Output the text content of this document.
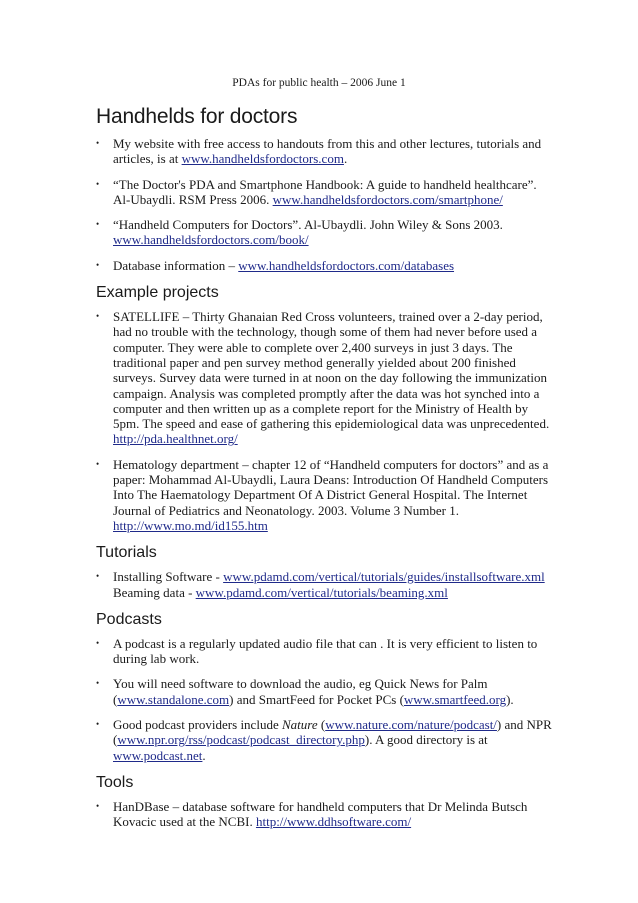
PDAs for public health – 2006 June 1
Handhelds for doctors
• My website with free access to handouts from this and other lectures, tutorials and articles, is at www.handheldsfordoctors.com.
• “The Doctor's PDA and Smartphone Handbook: A guide to handheld healthcare”. Al-Ubaydli. RSM Press 2006. www.handheldsfordoctors.com/smartphone/
• “Handheld Computers for Doctors”. Al-Ubaydli. John Wiley & Sons 2003. www.handheldsfordoctors.com/book/
• Database information – www.handheldsfordoctors.com/databases
Example projects
• SATELLIFE – Thirty Ghanaian Red Cross volunteers, trained over a 2-day period, had no trouble with the technology, though some of them had never before used a computer. They were able to complete over 2,400 surveys in just 3 days. The traditional paper and pen survey method generally yielded about 200 finished surveys. Survey data were turned in at noon on the day following the immunization campaign. Analysis was completed promptly after the data was hot synched into a computer and then written up as a complete report for the Ministry of Health by 5pm. The speed and ease of gathering this epidemiological data was unprecedented. http://pda.healthnet.org/
• Hematology department – chapter 12 of “Handheld computers for doctors” and as a paper: Mohammad Al-Ubaydli, Laura Deans: Introduction Of Handheld Computers Into The Haematology Department Of A District General Hospital. The Internet Journal of Pediatrics and Neonatology. 2003. Volume 3 Number 1. http://www.mo.md/id155.htm
Tutorials
• Installing Software - www.pdamd.com/vertical/tutorials/guides/installsoftware.xml
Beaming data - www.pdamd.com/vertical/tutorials/beaming.xml
Podcasts
• A podcast is a regularly updated audio file that can . It is very efficient to listen to during lab work.
• You will need software to download the audio, eg Quick News for Palm (www.standalone.com) and SmartFeed for Pocket PCs (www.smartfeed.org).
• Good podcast providers include Nature (www.nature.com/nature/podcast/) and NPR (www.npr.org/rss/podcast/podcast_directory.php). A good directory is at www.podcast.net.
Tools
• HanDBase – database software for handheld computers that Dr Melinda Butsch Kovacic used at the NCBI. http://www.ddhsoftware.com/
